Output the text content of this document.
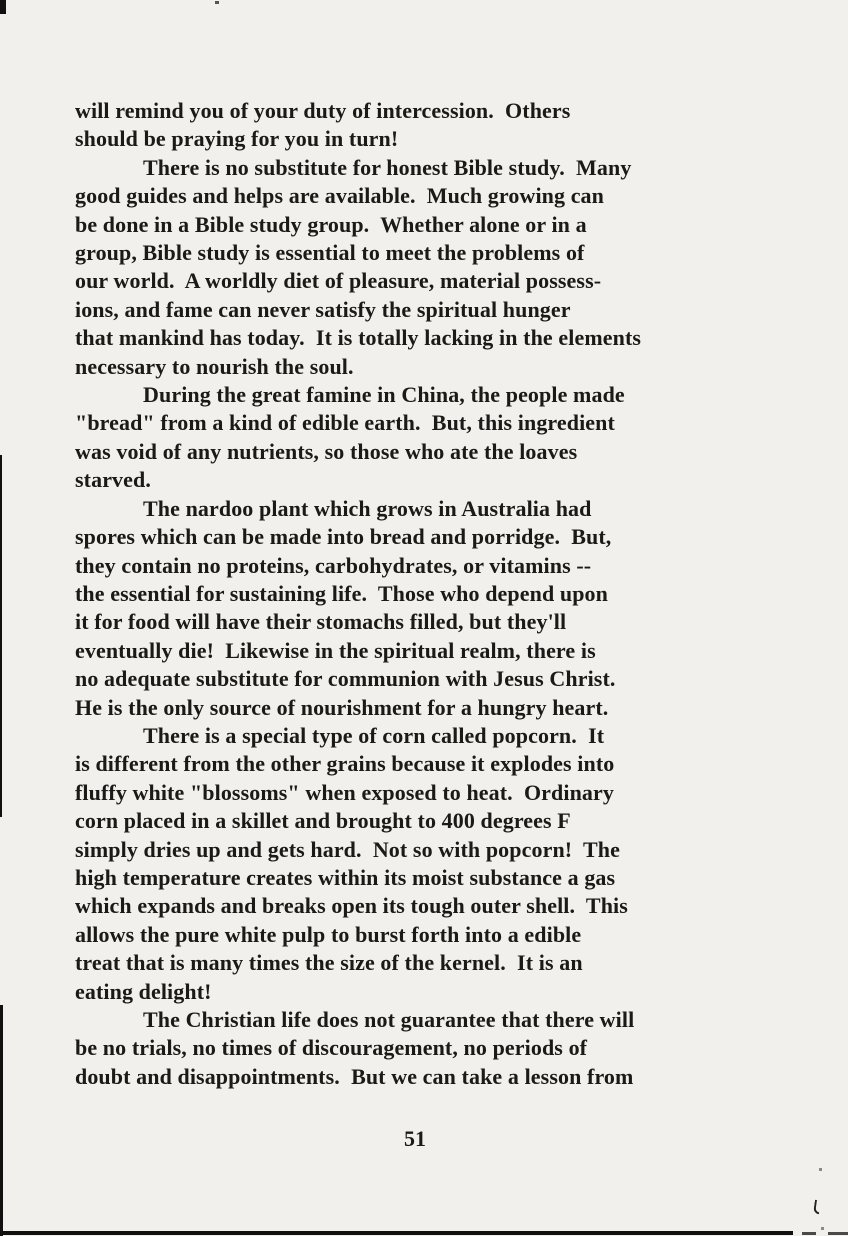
will remind you of your duty of intercession.  Others
should be praying for you in turn!
There is no substitute for honest Bible study.  Many
good guides and helps are available.  Much growing can
be done in a Bible study group.  Whether alone or in a
group, Bible study is essential to meet the problems of
our world.  A worldly diet of pleasure, material possess-
ions, and fame can never satisfy the spiritual hunger
that mankind has today.  It is totally lacking in the elements
necessary to nourish the soul.
During the great famine in China, the people made
"bread" from a kind of edible earth.  But, this ingredient
was void of any nutrients, so those who ate the loaves
starved.
The nardoo plant which grows in Australia had
spores which can be made into bread and porridge.  But,
they contain no proteins, carbohydrates, or vitamins --
the essential for sustaining life.  Those who depend upon
it for food will have their stomachs filled, but they'll
eventually die!  Likewise in the spiritual realm, there is
no adequate substitute for communion with Jesus Christ.
He is the only source of nourishment for a hungry heart.
There is a special type of corn called popcorn.  It
is different from the other grains because it explodes into
fluffy white "blossoms" when exposed to heat.  Ordinary
corn placed in a skillet and brought to 400 degrees F
simply dries up and gets hard.  Not so with popcorn!  The
high temperature creates within its moist substance a gas
which expands and breaks open its tough outer shell.  This
allows the pure white pulp to burst forth into a edible
treat that is many times the size of the kernel.  It is an
eating delight!
The Christian life does not guarantee that there will
be no trials, no times of discouragement, no periods of
doubt and disappointments.  But we can take a lesson from
51
